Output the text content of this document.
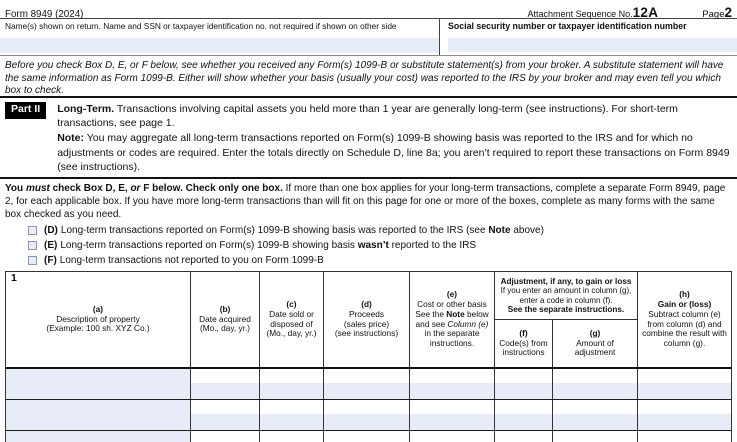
Form 8949 (2024)	Attachment Sequence No. 12A	Page 2
Name(s) shown on return. Name and SSN or taxpayer identification no. not required if shown on other side	Social security number or taxpayer identification number
Before you check Box D, E, or F below, see whether you received any Form(s) 1099-B or substitute statement(s) from your broker. A substitute statement will have the same information as Form 1099-B. Either will show whether your basis (usually your cost) was reported to the IRS by your broker and may even tell you which box to check.
Part II	Long-Term. Transactions involving capital assets you held more than 1 year are generally long-term (see instructions). For short-term transactions, see page 1.
Note: You may aggregate all long-term transactions reported on Form(s) 1099-B showing basis was reported to the IRS and for which no adjustments or codes are required. Enter the totals directly on Schedule D, line 8a; you aren’t required to report these transactions on Form 8949 (see instructions).
You must check Box D, E, or F below. Check only one box. If more than one box applies for your long-term transactions, complete a separate Form 8949, page 2, for each applicable box. If you have more long-term transactions than will fit on this page for one or more of the boxes, complete as many forms with the same box checked as you need.
(D) Long-term transactions reported on Form(s) 1099-B showing basis was reported to the IRS (see Note above)
(E) Long-term transactions reported on Form(s) 1099-B showing basis wasn’t reported to the IRS
(F) Long-term transactions not reported to you on Form 1099-B
1
(a)
Description of property
(Example: 100 sh. XYZ Co.)
(b)
Date acquired
(Mo., day, yr.)
(c)
Date sold or
disposed of
(Mo., day, yr.)
(d)
Proceeds
(sales price)
(see instructions)
(e)
Cost or other basis
See the Note below
and see Column (e)
in the separate
instructions.
Adjustment, if any, to gain or loss
If you enter an amount in column (g),
enter a code in column (f).
See the separate instructions.
(f)
Code(s) from
instructions
(g)
Amount of
adjustment
(h)
Gain or (loss)
Subtract column (e) from column (d) and combine the result with column (g).
